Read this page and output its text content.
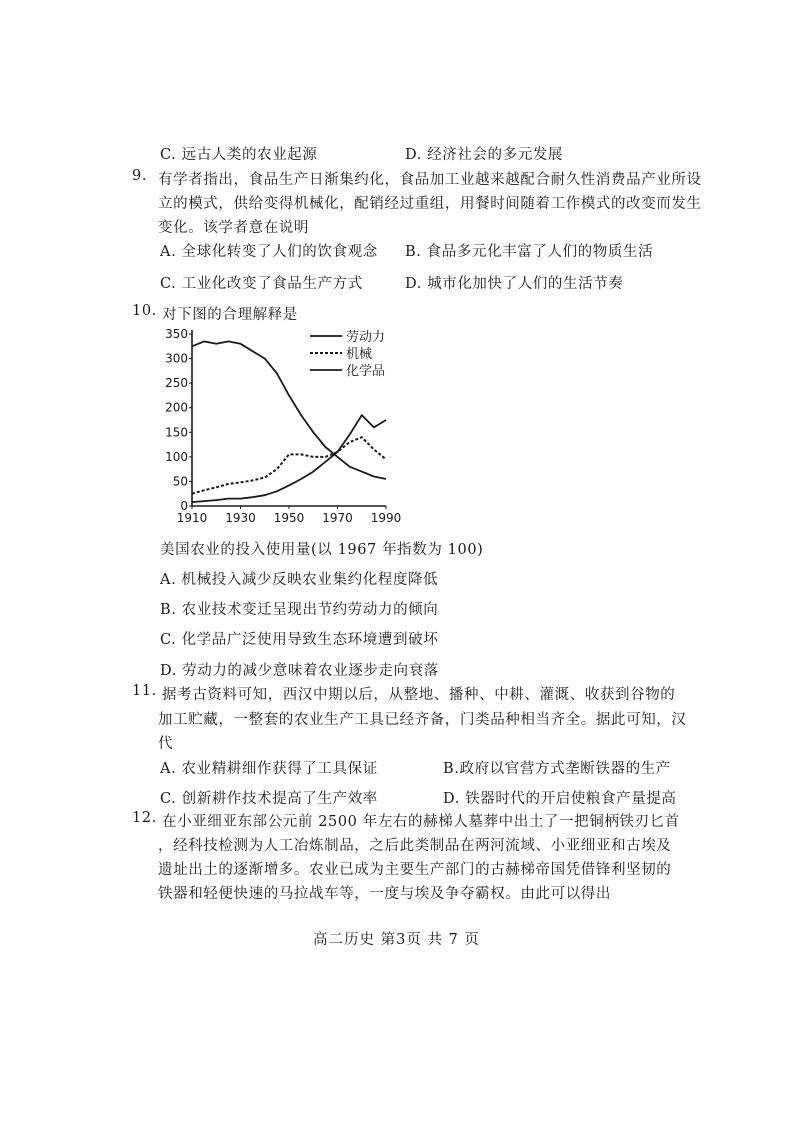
C. 远古人类的农业起源	D. 经济社会的多元发展
9. 有学者指出，食品生产日渐集约化，食品加工业越来越配合耐久性消费品产业所设
立的模式，供给变得机械化，配销经过重组，用餐时间随着工作模式的改变而发生
变化。该学者意在说明
A. 全球化转变了人们的饮食观念 B. 食品多元化丰富了人们的物质生活
C. 工业化改变了食品生产方式	D. 城市化加快了人们的生活节奏
10. 对下图的合理解释是
0
50
100
150
200
250
300
350
1910 1930 1950 1970 1990
劳动力
机械
化学品
美国农业的投入使用量(以 1967 年指数为 100)
A. 机械投入减少反映农业集约化程度降低
B. 农业技术变迁呈现出节约劳动力的倾向
C. 化学品广泛使用导致生态环境遭到破坏
D. 劳动力的减少意味着农业逐步走向衰落
11. 据考古资料可知，西汉中期以后，从整地、播种、中耕、灌溉、收获到谷物的
加工贮藏，一整套的农业生产工具已经齐备，门类品种相当齐全。据此可知，汉
代
A. 农业精耕细作获得了工具保证	B.政府以官营方式垄断铁器的生产
C. 创新耕作技术提高了生产效率	D. 铁器时代的开启使粮食产量提高
12. 在小亚细亚东部公元前 2500 年左右的赫梯人墓葬中出土了一把铜柄铁刃匕首
，经科技检测为人工冶炼制品，之后此类制品在两河流域、小亚细亚和古埃及
遗址出土的逐渐增多。农业已成为主要生产部门的古赫梯帝国凭借锋利坚韧的
铁器和轻便快速的马拉战车等，一度与埃及争夺霸权。由此可以得出
高二历史 第3页 共 7 页
